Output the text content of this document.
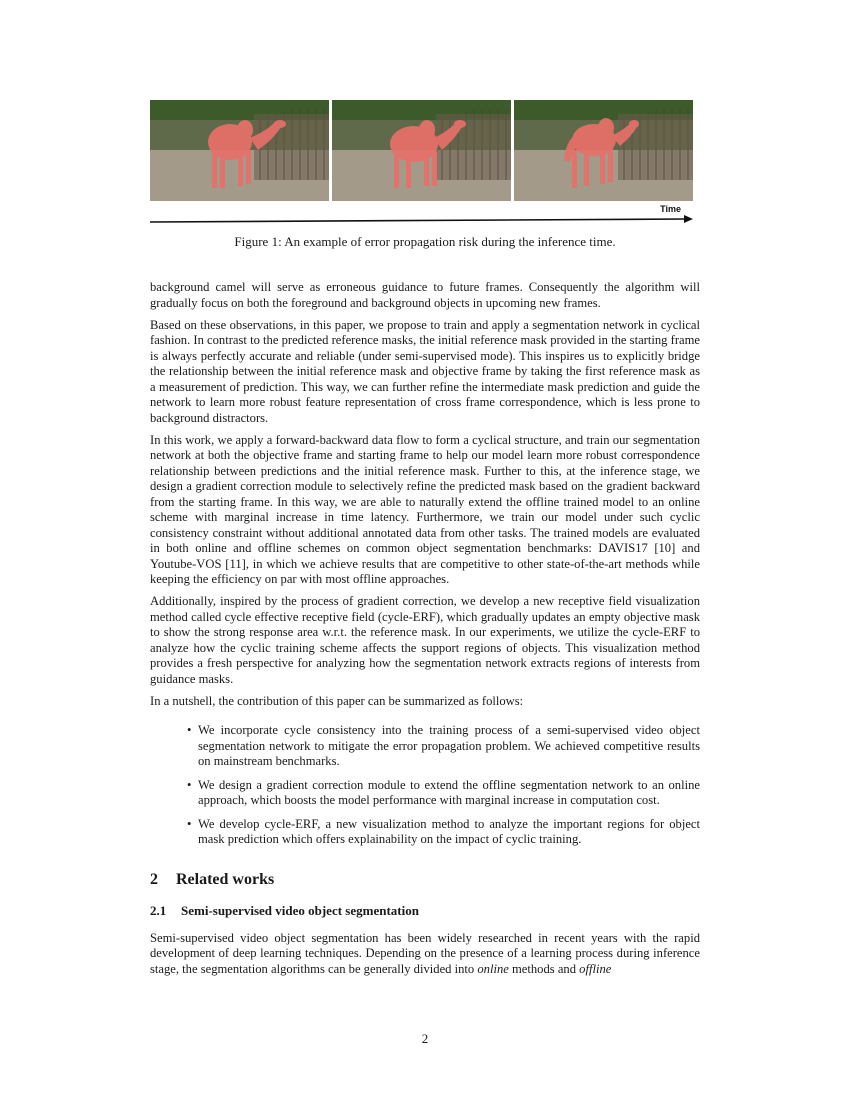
Time
Figure 1: An example of error propagation risk during the inference time.

background camel will serve as erroneous guidance to future frames. Consequently the algorithm will gradually focus on both the foreground and background objects in upcoming new frames.

Based on these observations, in this paper, we propose to train and apply a segmentation network in cyclical fashion. In contrast to the predicted reference masks, the initial reference mask provided in the starting frame is always perfectly accurate and reliable (under semi-supervised mode). This inspires us to explicitly bridge the relationship between the initial reference mask and objective frame by taking the first reference mask as a measurement of prediction. This way, we can further refine the intermediate mask prediction and guide the network to learn more robust feature representation of cross frame correspondence, which is less prone to background distractors.

In this work, we apply a forward-backward data flow to form a cyclical structure, and train our segmentation network at both the objective frame and starting frame to help our model learn more robust correspondence relationship between predictions and the initial reference mask. Further to this, at the inference stage, we design a gradient correction module to selectively refine the predicted mask based on the gradient backward from the starting frame. In this way, we are able to naturally extend the offline trained model to an online scheme with marginal increase in time latency. Furthermore, we train our model under such cyclic consistency constraint without additional annotated data from other tasks. The trained models are evaluated in both online and offline schemes on common object segmentation benchmarks: DAVIS17 [10] and Youtube-VOS [11], in which we achieve results that are competitive to other state-of-the-art methods while keeping the efficiency on par with most offline approaches.

Additionally, inspired by the process of gradient correction, we develop a new receptive field visualization method called cycle effective receptive field (cycle-ERF), which gradually updates an empty objective mask to show the strong response area w.r.t. the reference mask. In our experiments, we utilize the cycle-ERF to analyze how the cyclic training scheme affects the support regions of objects. This visualization method provides a fresh perspective for analyzing how the segmentation network extracts regions of interests from guidance masks.

In a nutshell, the contribution of this paper can be summarized as follows:

• We incorporate cycle consistency into the training process of a semi-supervised video object segmentation network to mitigate the error propagation problem. We achieved competitive results on mainstream benchmarks.
• We design a gradient correction module to extend the offline segmentation network to an online approach, which boosts the model performance with marginal increase in computation cost.
• We develop cycle-ERF, a new visualization method to analyze the important regions for object mask prediction which offers explainability on the impact of cyclic training.
2 Related works
2.1 Semi-supervised video object segmentation

Semi-supervised video object segmentation has been widely researched in recent years with the rapid development of deep learning techniques. Depending on the presence of a learning process during inference stage, the segmentation algorithms can be generally divided into online methods and offline

2
